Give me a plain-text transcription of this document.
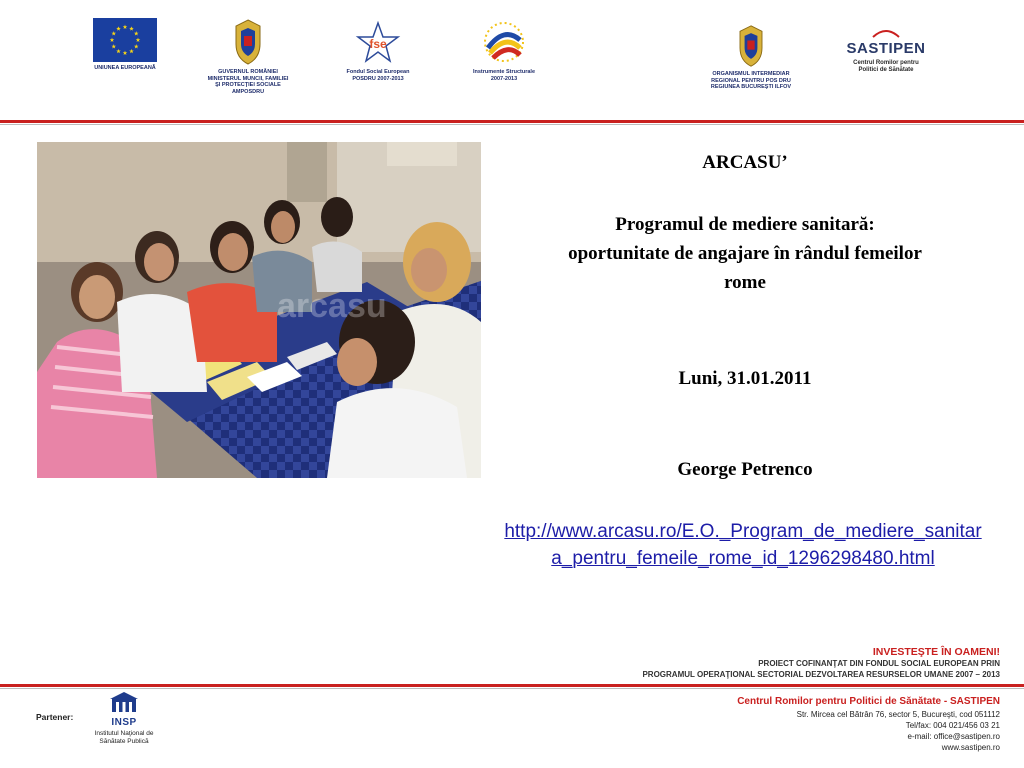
UNIUNEA EUROPEANĂ
GUVERNUL ROMÂNIEI
MINISTERUL MUNCII, FAMILIEI
ŞI PROTECŢIEI SOCIALE
AMPOSDRU
fse
Fondul Social European
POSDRU 2007-2013
Instrumente Structurale
2007-2013
ORGANISMUL INTERMEDIAR
REGIONAL PENTRU POS DRU
REGIUNEA BUCUREŞTI ILFOV
SASTIPEN
Centrul Romilor pentru
Politici de Sănătate
arcasu
ARCASU’
Programul de mediere sanitară:
oportunitate de angajare în rândul femeilor
rome
Luni, 31.01.2011
George Petrenco
http://www.arcasu.ro/E.O._Program_de_mediere_sanitara_pentru_femeile_rome_id_1296298480.html
INVESTEŞTE ÎN OAMENI!
PROIECT COFINANŢAT DIN FONDUL SOCIAL EUROPEAN PRIN
PROGRAMUL OPERAŢIONAL SECTORIAL DEZVOLTAREA RESURSELOR UMANE 2007 – 2013
Partener:	INSP
Institutul Naţional de Sănătate Publică
Centrul Romilor pentru Politici de Sănătate - SASTIPEN
Str. Mircea cel Bătrân 76, sector 5, Bucureşti, cod 051112
Tel/fax: 004 021/456 03 21
e-mail: office@sastipen.ro
www.sastipen.ro
